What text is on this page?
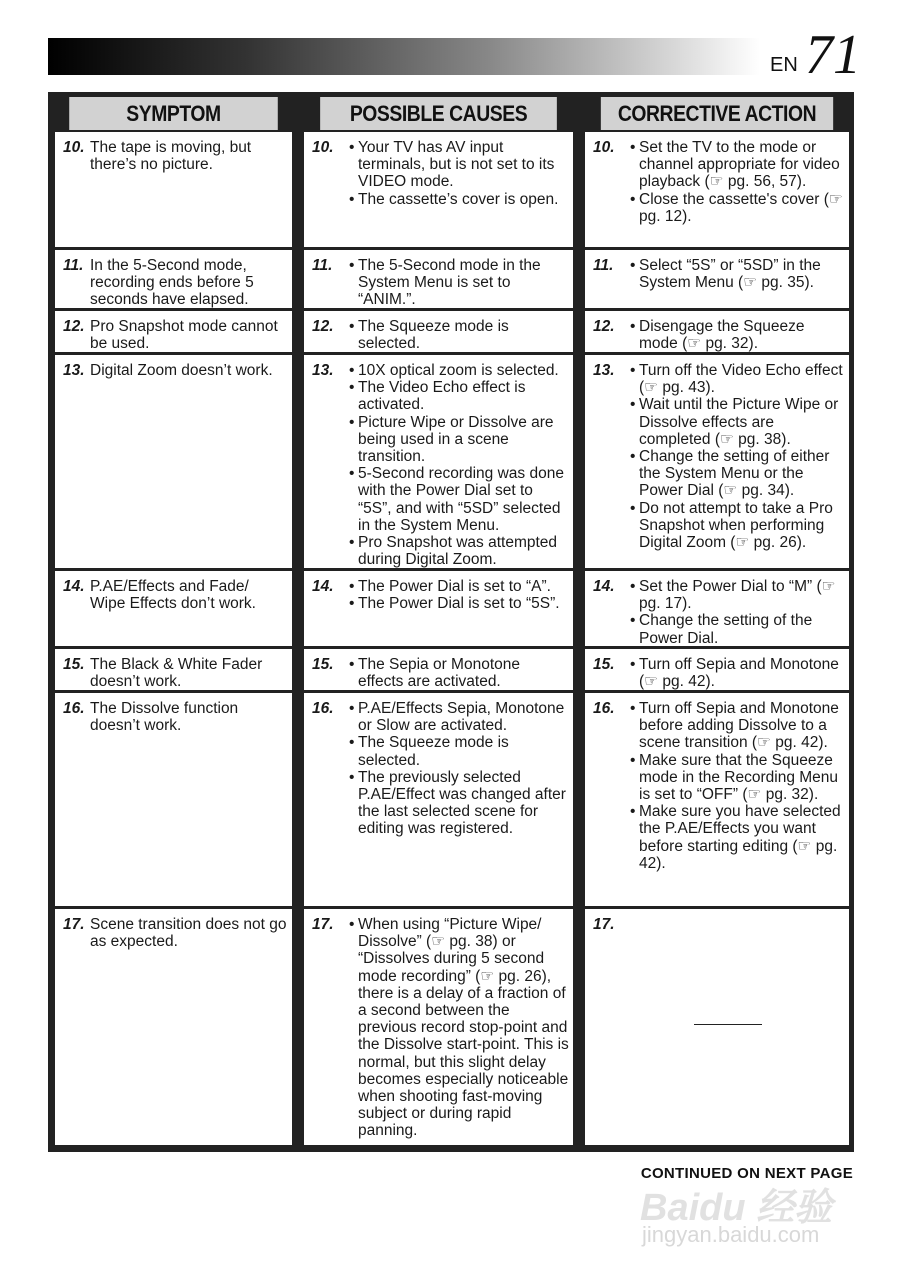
EN 71
SYMPTOM	POSSIBLE CAUSES	CORRECTIVE ACTION
10. The tape is moving, but there’s no picture.
10. • Your TV has AV input terminals, but is not set to its VIDEO mode.
• The cassette’s cover is open.
10. • Set the TV to the mode or channel appropriate for video playback (☞ pg. 56, 57).
• Close the cassette's cover (☞ pg. 12).
11. In the 5-Second mode, recording ends before 5 seconds have elapsed.
11.	• The 5-Second mode in the System Menu is set to “ANIM.”.
11.	• Select “5S” or “5SD” in the System Menu (☞ pg. 35).
12. Pro Snapshot mode cannot be used.
12. • The Squeeze mode is selected.
12. • Disengage the Squeeze mode (☞ pg. 32).
13. Digital Zoom doesn’t work.	13. • 10X optical zoom is selected.
• The Video Echo effect is activated.
• Picture Wipe or Dissolve are being used in a scene transition.
• 5-Second recording was done with the Power Dial set to “5S”, and with “5SD” selected in the System Menu.
• Pro Snapshot was attempted during Digital Zoom.
13. • Turn off the Video Echo effect (☞ pg. 43).
• Wait until the Picture Wipe or Dissolve effects are completed (☞ pg. 38).
• Change the setting of either the System Menu or the Power Dial (☞ pg. 34).
• Do not attempt to take a Pro Snapshot when performing Digital Zoom (☞ pg. 26).
14. P.AE/Effects and Fade/ Wipe Effects don’t work.
14. • The Power Dial is set to “A”.
• The Power Dial is set to “5S”.
14. • Set the Power Dial to “M” (☞ pg. 17).
• Change the setting of the Power Dial.
15. The Black & White Fader doesn’t work.
15. • The Sepia or Monotone effects are activated.
15. • Turn off Sepia and Monotone (☞ pg. 42).
16. The Dissolve function doesn’t work.
16. • P.AE/Effects Sepia, Monotone or Slow are activated.
• The Squeeze mode is selected.
• The previously selected P.AE/Effect was changed after the last selected scene for editing was registered.
16. • Turn off Sepia and Monotone before adding Dissolve to a scene transition (☞ pg. 42).
• Make sure that the Squeeze mode in the Recording Menu is set to “OFF” (☞ pg. 32).
• Make sure you have selected the P.AE/Effects you want before starting editing (☞ pg. 42).
17. Scene transition does not go as expected.
17. • When using “Picture Wipe/ Dissolve” (☞ pg. 38) or “Dissolves during 5 second mode recording” (☞ pg. 26), there is a delay of a fraction of a second between the previous record stop-point and the Dissolve start-point. This is normal, but this slight delay becomes especially noticeable when shooting fast-moving subject or during rapid panning.
17.
CONTINUED ON NEXT PAGE
Baidu 经验
jingyan.baidu.com
